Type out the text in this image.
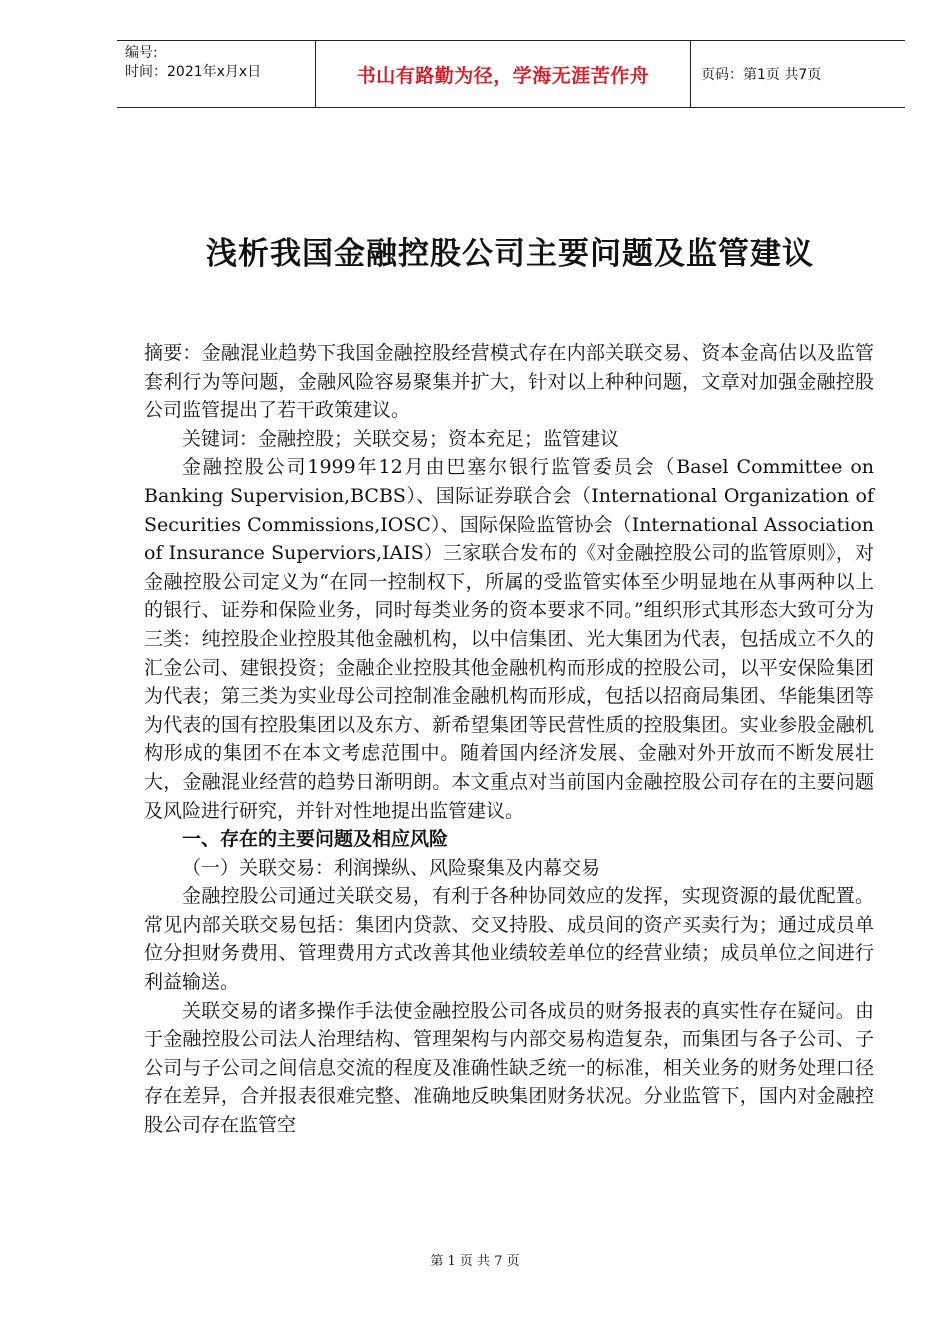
编号:
时间：2021年x月x日	书山有路勤为径，学海无涯苦作舟	页码：第1页 共7页
浅析我国金融控股公司主要问题及监管建议

摘要：金融混业趋势下我国金融控股经营模式存在内部关联交易、资本金高估以及监管套利行为等问题，金融风险容易聚集并扩大，针对以上种种问题，文章对加强金融控股公司监管提出了若干政策建议。

关键词：金融控股；关联交易；资本充足；监管建议

金融控股公司1999年12月由巴塞尔银行监管委员会（Basel Committee on Banking Supervision,BCBS）、国际证券联合会（International Organization of Securities Commissions,IOSC）、国际保险监管协会（International Association of Insurance Superviors,IAIS）三家联合发布的《对金融控股公司的监管原则》，对金融控股公司定义为“在同一控制权下，所属的受监管实体至少明显地在从事两种以上的银行、证券和保险业务，同时每类业务的资本要求不同。”组织形式其形态大致可分为三类：纯控股企业控股其他金融机构，以中信集团、光大集团为代表，包括成立不久的汇金公司、建银投资；金融企业控股其他金融机构而形成的控股公司，以平安保险集团为代表；第三类为实业母公司控制准金融机构而形成，包括以招商局集团、华能集团等为代表的国有控股集团以及东方、新希望集团等民营性质的控股集团。实业参股金融机构形成的集团不在本文考虑范围中。随着国内经济发展、金融对外开放而不断发展壮大，金融混业经营的趋势日渐明朗。本文重点对当前国内金融控股公司存在的主要问题及风险进行研究，并针对性地提出监管建议。

一、存在的主要问题及相应风险

（一）关联交易：利润操纵、风险聚集及内幕交易

金融控股公司通过关联交易，有利于各种协同效应的发挥，实现资源的最优配置。常见内部关联交易包括：集团内贷款、交叉持股、成员间的资产买卖行为；通过成员单位分担财务费用、管理费用方式改善其他业绩较差单位的经营业绩；成员单位之间进行利益输送。

关联交易的诸多操作手法使金融控股公司各成员的财务报表的真实性存在疑问。由于金融控股公司法人治理结构、管理架构与内部交易构造复杂，而集团与各子公司、子公司与子公司之间信息交流的程度及准确性缺乏统一的标准，相关业务的财务处理口径存在差异，合并报表很难完整、准确地反映集团财务状况。分业监管下，国内对金融控股公司存在监管空

第 1 页 共 7 页
